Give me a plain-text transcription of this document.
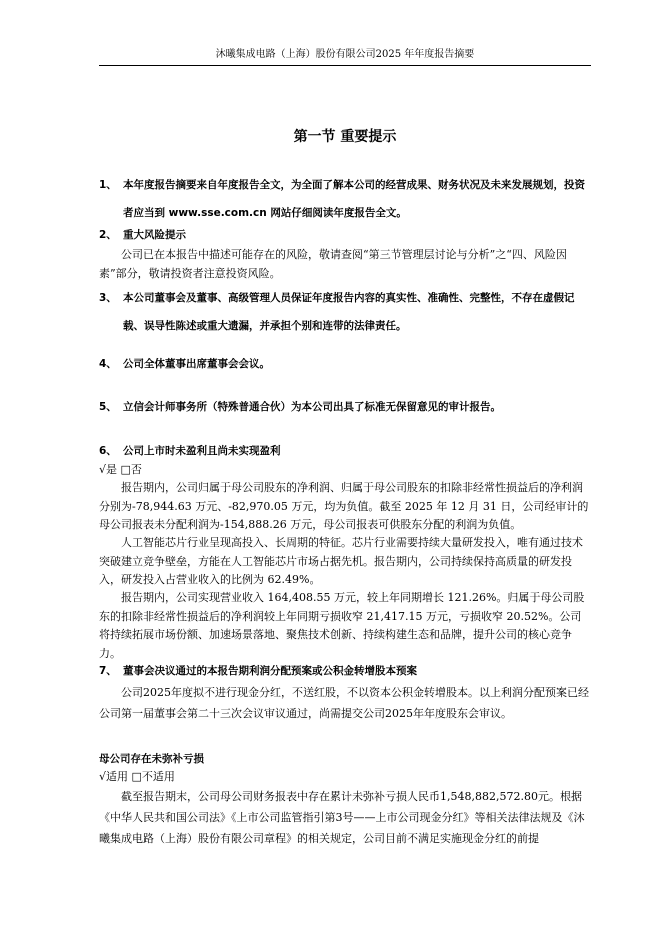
沐曦集成电路（上海）股份有限公司2025 年年度报告摘要
第一节 重要提示
1、 本年度报告摘要来自年度报告全文，为全面了解本公司的经营成果、财务状况及未来发展规划，投资者应当到 www.sse.com.cn 网站仔细阅读年度报告全文。
2、 重大风险提示
公司已在本报告中描述可能存在的风险，敬请查阅“第三节管理层讨论与分析”之“四、风险因素”部分，敬请投资者注意投资风险。
3、 本公司董事会及董事、高级管理人员保证年度报告内容的真实性、准确性、完整性，不存在虚假记载、误导性陈述或重大遗漏，并承担个别和连带的法律责任。
4、 公司全体董事出席董事会会议。
5、 立信会计师事务所（特殊普通合伙）为本公司出具了标准无保留意见的审计报告。
6、 公司上市时未盈利且尚未实现盈利
√是 □否
报告期内，公司归属于母公司股东的净利润、归属于母公司股东的扣除非经常性损益后的净利润分别为-78,944.63 万元、-82,970.05 万元，均为负值。截至 2025 年 12 月 31 日，公司经审计的母公司报表未分配利润为-154,888.26 万元，母公司报表可供股东分配的利润为负值。
人工智能芯片行业呈现高投入、长周期的特征。芯片行业需要持续大量研发投入，唯有通过技术突破建立竞争壁垒，方能在人工智能芯片市场占据先机。报告期内，公司持续保持高质量的研发投入，研发投入占营业收入的比例为 62.49%。
报告期内，公司实现营业收入 164,408.55 万元，较上年同期增长 121.26%。归属于母公司股东的扣除非经常性损益后的净利润较上年同期亏损收窄 21,417.15 万元，亏损收窄 20.52%。公司将持续拓展市场份额、加速场景落地、聚焦技术创新、持续构建生态和品牌，提升公司的核心竞争力。
7、 董事会决议通过的本报告期利润分配预案或公积金转增股本预案
公司2025年度拟不进行现金分红，不送红股，不以资本公积金转增股本。以上利润分配预案已经公司第一届董事会第二十三次会议审议通过，尚需提交公司2025年年度股东会审议。
母公司存在未弥补亏损
√适用 □不适用
截至报告期末，公司母公司财务报表中存在累计未弥补亏损人民币1,548,882,572.80元。根据《中华人民共和国公司法》《上市公司监管指引第3号——上市公司现金分红》等相关法律法规及《沐曦集成电路（上海）股份有限公司章程》的相关规定，公司目前不满足实施现金分红的前提
